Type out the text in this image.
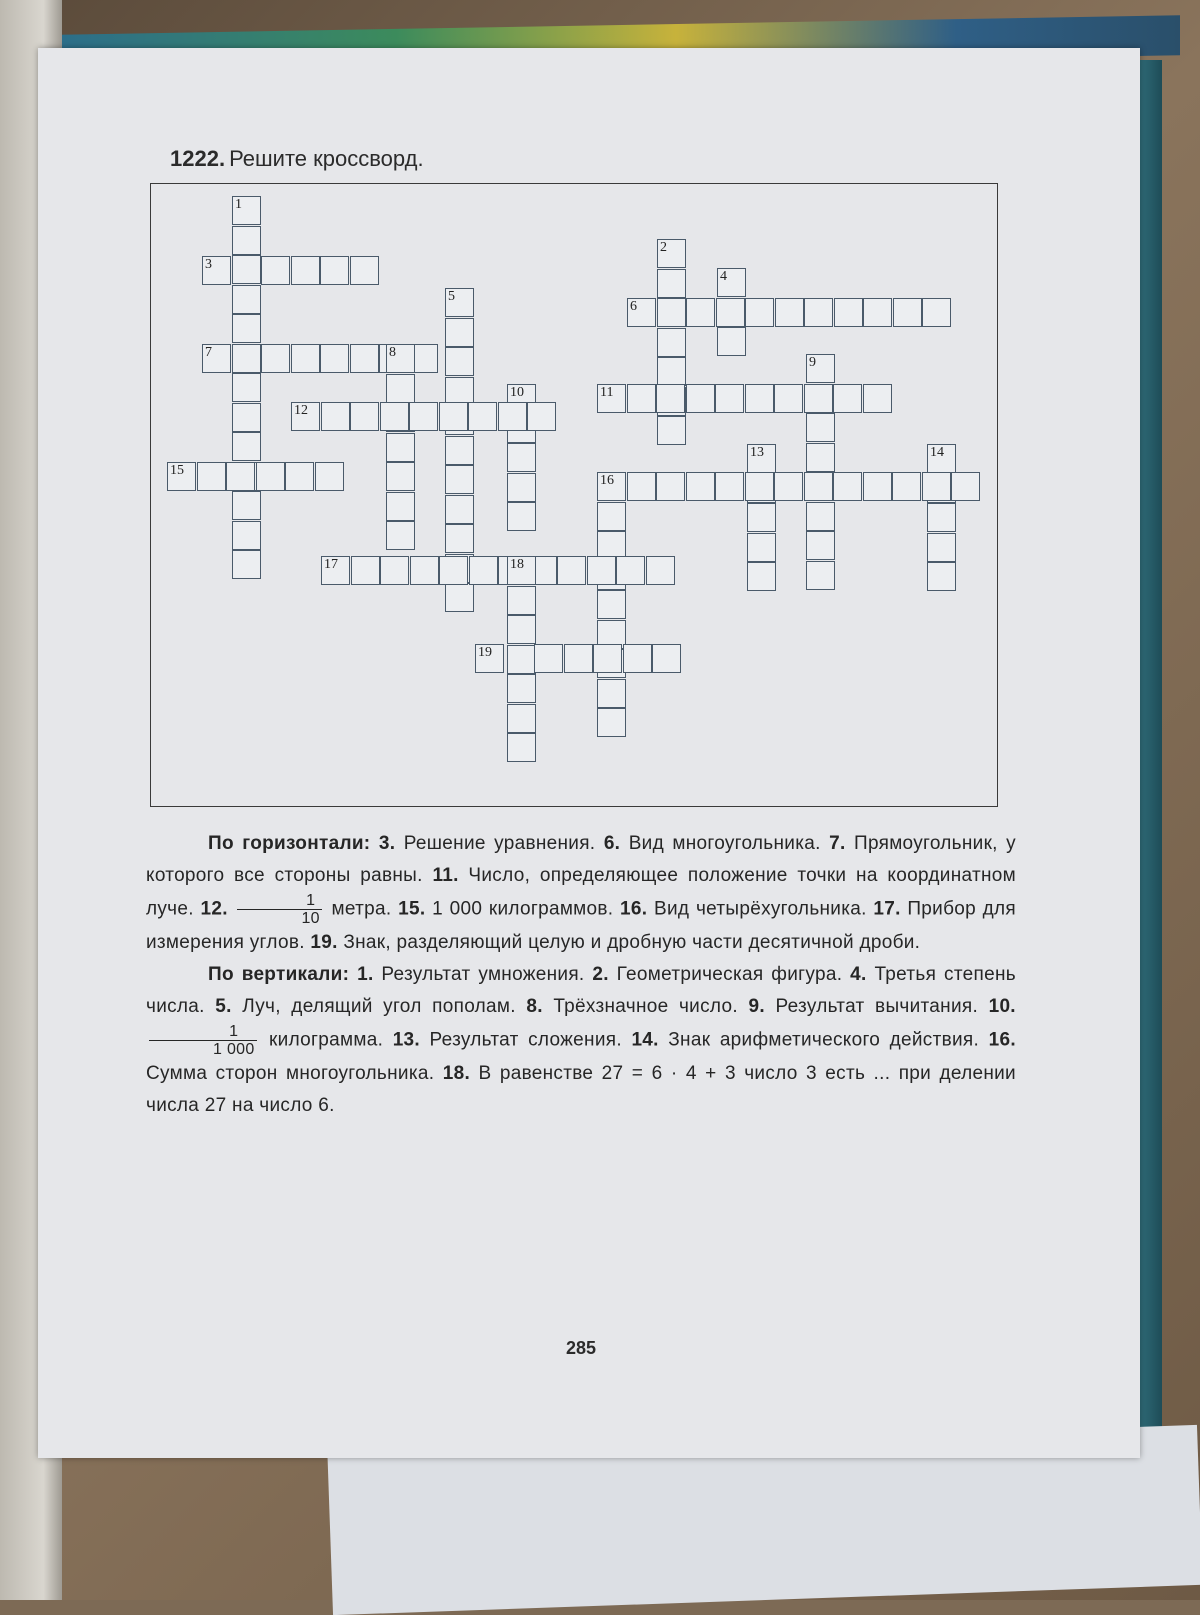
1222. Решите кроссворд.
1
3
2
4
6
5
7	8
9
11
10
12
13	14
15
16
17	18
19

По горизонтали: 3. Решение уравнения. 6. Вид многоугольника. 7. Прямоугольник, у которого все стороны равны. 11. Число, определяющее положение точки на координатном луче. 12. $\frac{1}{10}$ метра. 15. 1 000 килограммов. 16. Вид четырёхугольника. 17. Прибор для измерения углов. 19. Знак, разделяющий целую и дробную части десятичной дроби.

По вертикали: 1. Результат умножения. 2. Геометрическая фигура. 4. Третья степень числа. 5. Луч, делящий угол пополам. 8. Трёхзначное число. 9. Результат вычитания. 10.
$\frac{1}{1 000}$ килограмма. 13. Результат сложения. 14. Знак арифметического действия. 16. Сумма сторон многоугольника. 18. В равенстве 27 = 6 · 4 + 3 число 3 есть ... при делении числа 27 на число 6.

285
